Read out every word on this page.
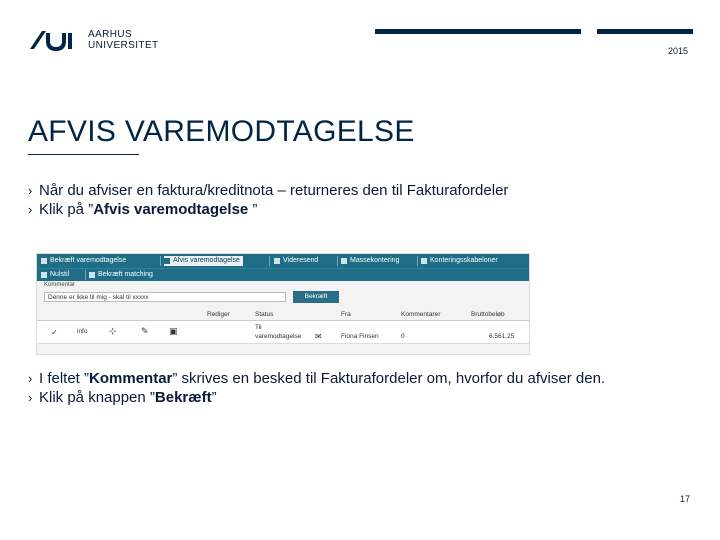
AARHUS
UNIVERSITET	2015
AFVIS VAREMODTAGELSE
› Når du afviser en faktura/kreditnota – returneres den til Fakturafordeler
› Klik på ”Afvis varemodtagelse ”
Bekræft varemodtagelse	Afvis varemodtagelse	Videresend	Massekontering	Konteringsskabeloner
Nulstil	Bekræft matching
Kommentar
Denne er ikke til mig - skal til xxxxx	Bekræft
Rediger	Status	Fra	Kommentarer	Bruttobeløb
✓	info ⊹	✎ ▣	Til
varemodtagelse ✉	Fiona Finsen	0	6.561,25
› I feltet ”Kommentar” skrives en besked til Fakturafordeler om, hvorfor du afviser den.
› Klik på knappen ”Bekræft”
17
